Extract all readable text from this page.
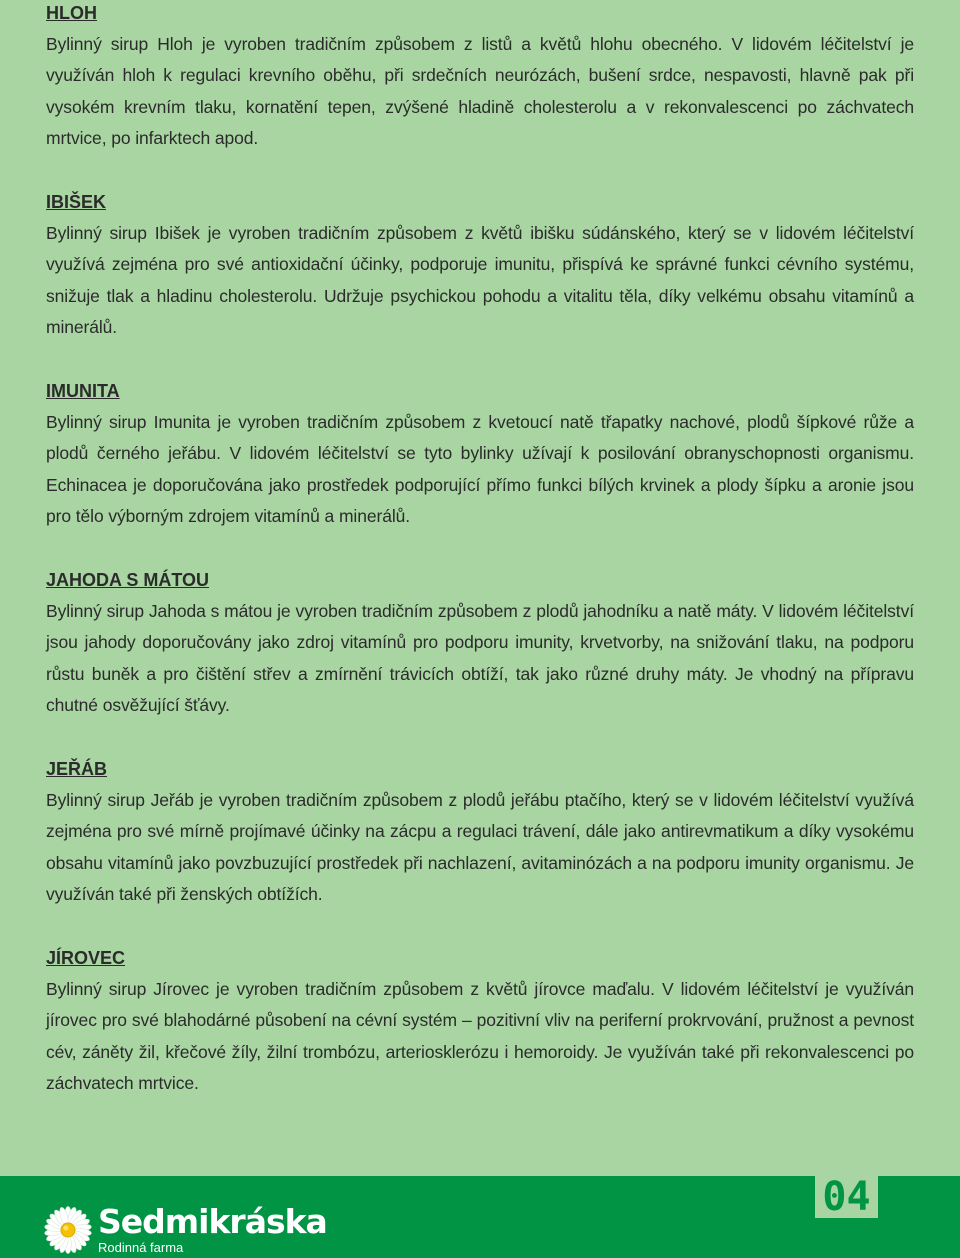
HLOH

Bylinný sirup Hloh je vyroben tradičním způsobem z listů a květů hlohu obecného. V lidovém léčitelství je využíván hloh k regulaci krevního oběhu, při srdečních neurózách, bušení srdce, nespavosti, hlavně pak při vysokém krevním tlaku, kornatění tepen, zvýšené hladině cholesterolu a v rekonvalescenci po záchvatech mrtvice, po infarktech apod.

IBIŠEK

Bylinný sirup Ibišek je vyroben tradičním způsobem z květů ibišku súdánského, který se v lidovém léčitelství využívá zejména pro své antioxidační účinky, podporuje imunitu, přispívá ke správné funkci cévního systému, snižuje tlak a hladinu cholesterolu. Udržuje psychickou pohodu a vitalitu těla, díky velkému obsahu vitamínů a minerálů.

IMUNITA

Bylinný sirup Imunita je vyroben tradičním způsobem z kvetoucí natě třapatky nachové, plodů šípkové růže a plodů černého jeřábu. V lidovém léčitelství se tyto bylinky užívají k posilování obranyschopnosti organismu. Echinacea je doporučována jako prostředek podporující přímo funkci bílých krvinek a plody šípku a aronie jsou pro tělo výborným zdrojem vitamínů a minerálů.

JAHODA S MÁTOU

Bylinný sirup Jahoda s mátou je vyroben tradičním způsobem z plodů jahodníku a natě máty. V lidovém léčitelství jsou jahody doporučovány jako zdroj vitamínů pro podporu imunity, krvetvorby, na snižování tlaku, na podporu růstu buněk a pro čištění střev a zmírnění trávicích obtíží, tak jako různé druhy máty. Je vhodný na přípravu chutné osvěžující šťávy.

JEŘÁB

Bylinný sirup Jeřáb je vyroben tradičním způsobem z plodů jeřábu ptačího, který se v lidovém léčitelství využívá zejména pro své mírně projímavé účinky na zácpu a regulaci trávení, dále jako antirevmatikum a díky vysokému obsahu vitamínů jako povzbuzující prostředek při nachlazení, avitaminózách a na podporu imunity organismu. Je využíván také při ženských obtížích.

JÍROVEC

Bylinný sirup Jírovec je vyroben tradičním způsobem z květů jírovce maďalu. V lidovém léčitelství je využíván jírovec pro své blahodárné působení na cévní systém – pozitivní vliv na periferní prokrvování, pružnost a pevnost cév, záněty žil, křečové žíly, žilní trombózu, arteriosklerózu i hemoroidy. Je využíván také při rekonvalescenci po záchvatech mrtvice.

Sedmikráska
Rodinná farma
04
